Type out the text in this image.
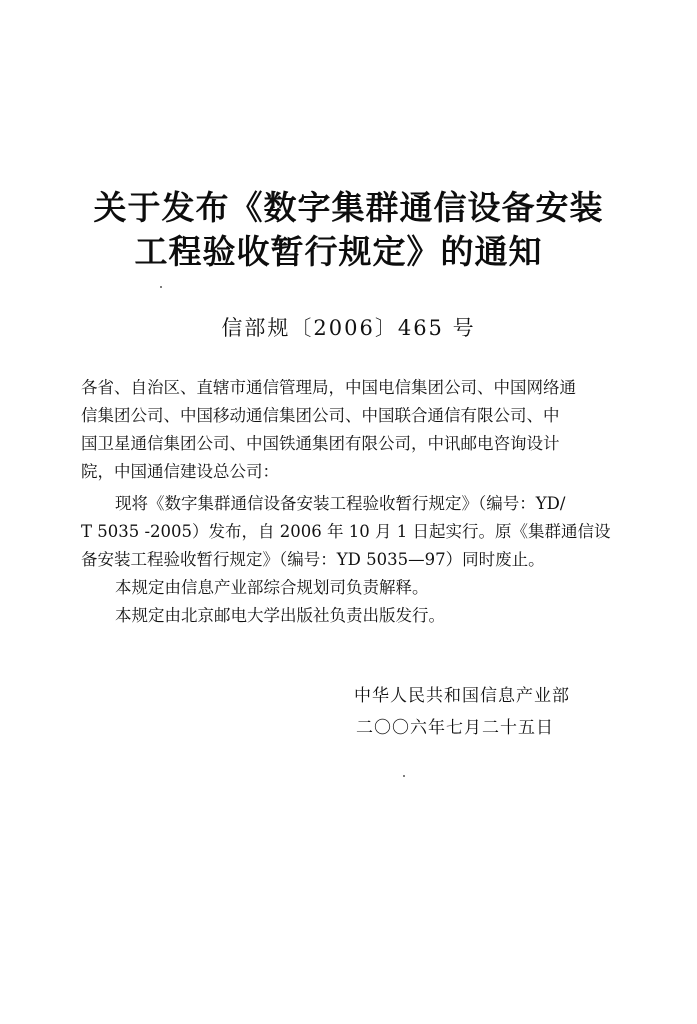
关于发布《数字集群通信设备安装
工程验收暂行规定》的通知
信部规〔2006〕465 号
各省、自治区、直辖市通信管理局，中国电信集团公司、中国网络通
信集团公司、中国移动通信集团公司、中国联合通信有限公司、中
国卫星通信集团公司、中国铁通集团有限公司，中讯邮电咨询设计
院，中国通信建设总公司：
现将《数字集群通信设备安装工程验收暂行规定》（编号：YD/
T 5035 -2005）发布，自 2006 年 10 月 1 日起实行。原《集群通信设
备安装工程验收暂行规定》（编号：YD 5035—97）同时废止。
本规定由信息产业部综合规划司负责解释。
本规定由北京邮电大学出版社负责出版发行。
中华人民共和国信息产业部
二〇〇六年七月二十五日
